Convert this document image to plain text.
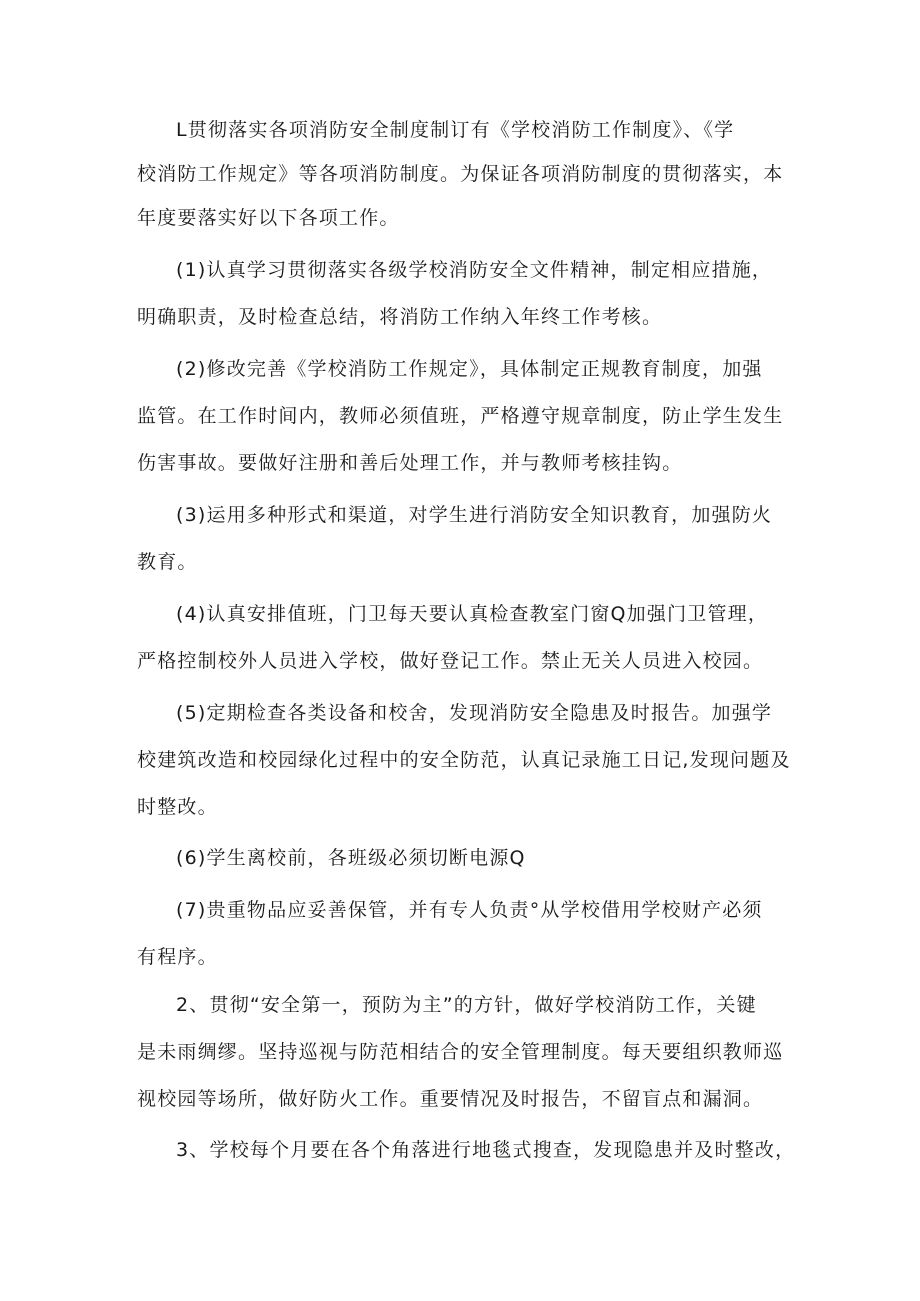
L贯彻落实各项消防安全制度制订有《学校消防工作制度》、《学
校消防工作规定》等各项消防制度。为保证各项消防制度的贯彻落实，本
年度要落实好以下各项工作。
(1)认真学习贯彻落实各级学校消防安全文件精神，制定相应措施，
明确职责，及时检查总结，将消防工作纳入年终工作考核。
(2)修改完善《学校消防工作规定》，具体制定正规教育制度，加强
监管。在工作时间内，教师必须值班，严格遵守规章制度，防止学生发生
伤害事故。要做好注册和善后处理工作，并与教师考核挂钩。
(3)运用多种形式和渠道，对学生进行消防安全知识教育，加强防火
教育。
(4)认真安排值班，门卫每天要认真检查教室门窗Q加强门卫管理，
严格控制校外人员进入学校，做好登记工作。禁止无关人员进入校园。
(5)定期检查各类设备和校舍，发现消防安全隐患及时报告。加强学
校建筑改造和校园绿化过程中的安全防范，认真记录施工日记,发现问题及
时整改。
(6)学生离校前，各班级必须切断电源Q
(7)贵重物品应妥善保管，并有专人负责°从学校借用学校财产必须
有程序。
2、贯彻“安全第一，预防为主”的方针，做好学校消防工作，关键
是未雨绸缪。坚持巡视与防范相结合的安全管理制度。每天要组织教师巡
视校园等场所，做好防火工作。重要情况及时报告，不留盲点和漏洞。
3、学校每个月要在各个角落进行地毯式搜查，发现隐患并及时整改，
